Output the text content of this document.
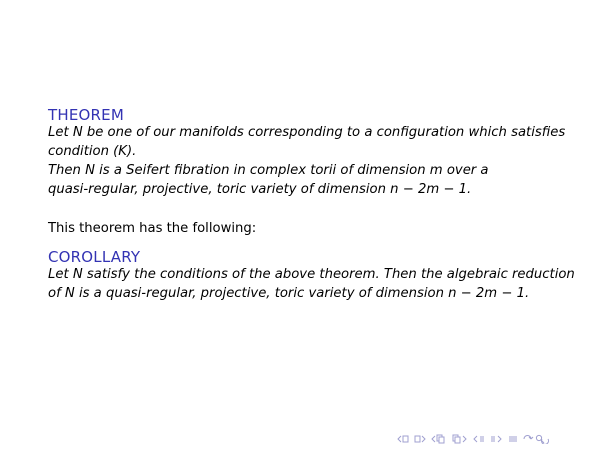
THEOREM
Let N be one of our manifolds corresponding to a configuration which satisfies
condition (K).
Then N is a Seifert fibration in complex torii of dimension m over a
quasi-regular, projective, toric variety of dimension n − 2m − 1.
This theorem has the following:
COROLLARY
Let N satisfy the conditions of the above theorem. Then the algebraic reduction
of N is a quasi-regular, projective, toric variety of dimension n − 2m − 1.
